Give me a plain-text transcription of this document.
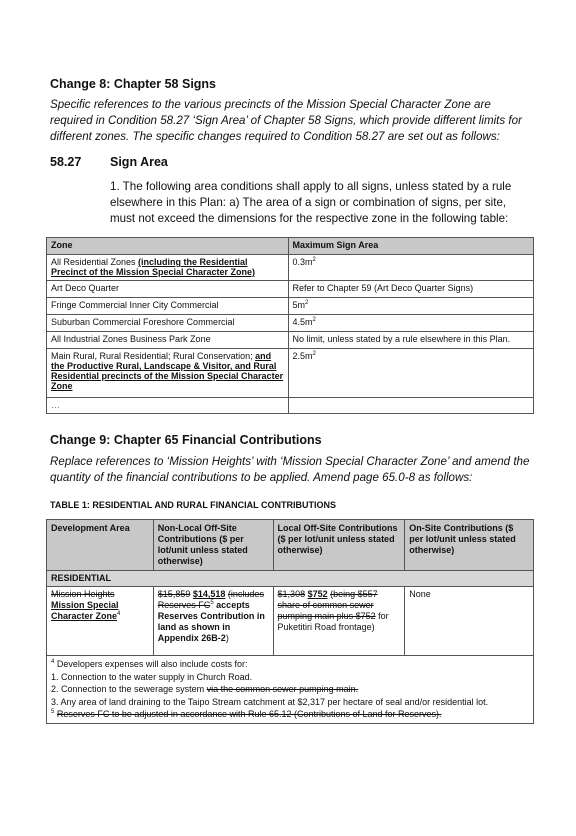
Change 8: Chapter 58 Signs
Specific references to the various precincts of the Mission Special Character Zone are required in Condition 58.27 ‘Sign Area’ of Chapter 58 Signs, which provide different limits for different zones. The specific changes required to Condition 58.27 are set out as follows:
58.27 Sign Area
1. The following area conditions shall apply to all signs, unless stated by a rule elsewhere in this Plan: a) The area of a sign or combination of signs, per site, must not exceed the dimensions for the respective zone in the following table:
Zone	Maximum Sign Area
All Residential Zones (including the Residential Precinct of the Mission Special Character Zone)	$0.3m^2$
Art Deco Quarter	Refer to Chapter 59 (Art Deco Quarter Signs)
Fringe Commercial Inner City Commercial	$5m^2$
Suburban Commercial Foreshore Commercial	$4.5m^2$
All Industrial Zones Business Park Zone	No limit, unless stated by a rule elsewhere in this Plan.
Main Rural, Rural Residential; Rural Conservation; and the Productive Rural, Landscape & Visitor, and Rural Residential precincts of the Mission Special Character Zone	$2.5m^2$
…	
Change 9: Chapter 65 Financial Contributions
Replace references to ‘Mission Heights’ with ‘Mission Special Character Zone’ and amend the quantity of the financial contributions to be applied. Amend page 65.0-8 as follows:
TABLE 1: RESIDENTIAL AND RURAL FINANCIAL CONTRIBUTIONS
Development Area	Non-Local Off-Site Contributions ($ per lot/unit unless stated otherwise)	Local Off-Site Contributions ($ per lot/unit unless stated otherwise)	On-Site Contributions ($ per lot/unit unless stated otherwise)
RESIDENTIAL			
Mission Heights Mission Special Character Zone$^4$	$15,859 $14,518 (includes Reserves $FC^5$ accepts Reserves Contribution in land as shown in Appendix 26B-2)	$1,308 $752 (being $557 share of common sewer pumping main plus $752 for Puketitiri Road frontage)	None

$^4$ Developers expenses will also include costs for:
1. Connection to the water supply in Church Road.
2. Connection to the sewerage system via the common sewer pumping main.
3. Any area of land draining to the Taipo Stream catchment at $2,317 per hectare of seal and/or residential lot.
$^5$ Reserves FC to be adjusted in accordance with Rule 65.12 (Contributions of Land for Reserves).			
